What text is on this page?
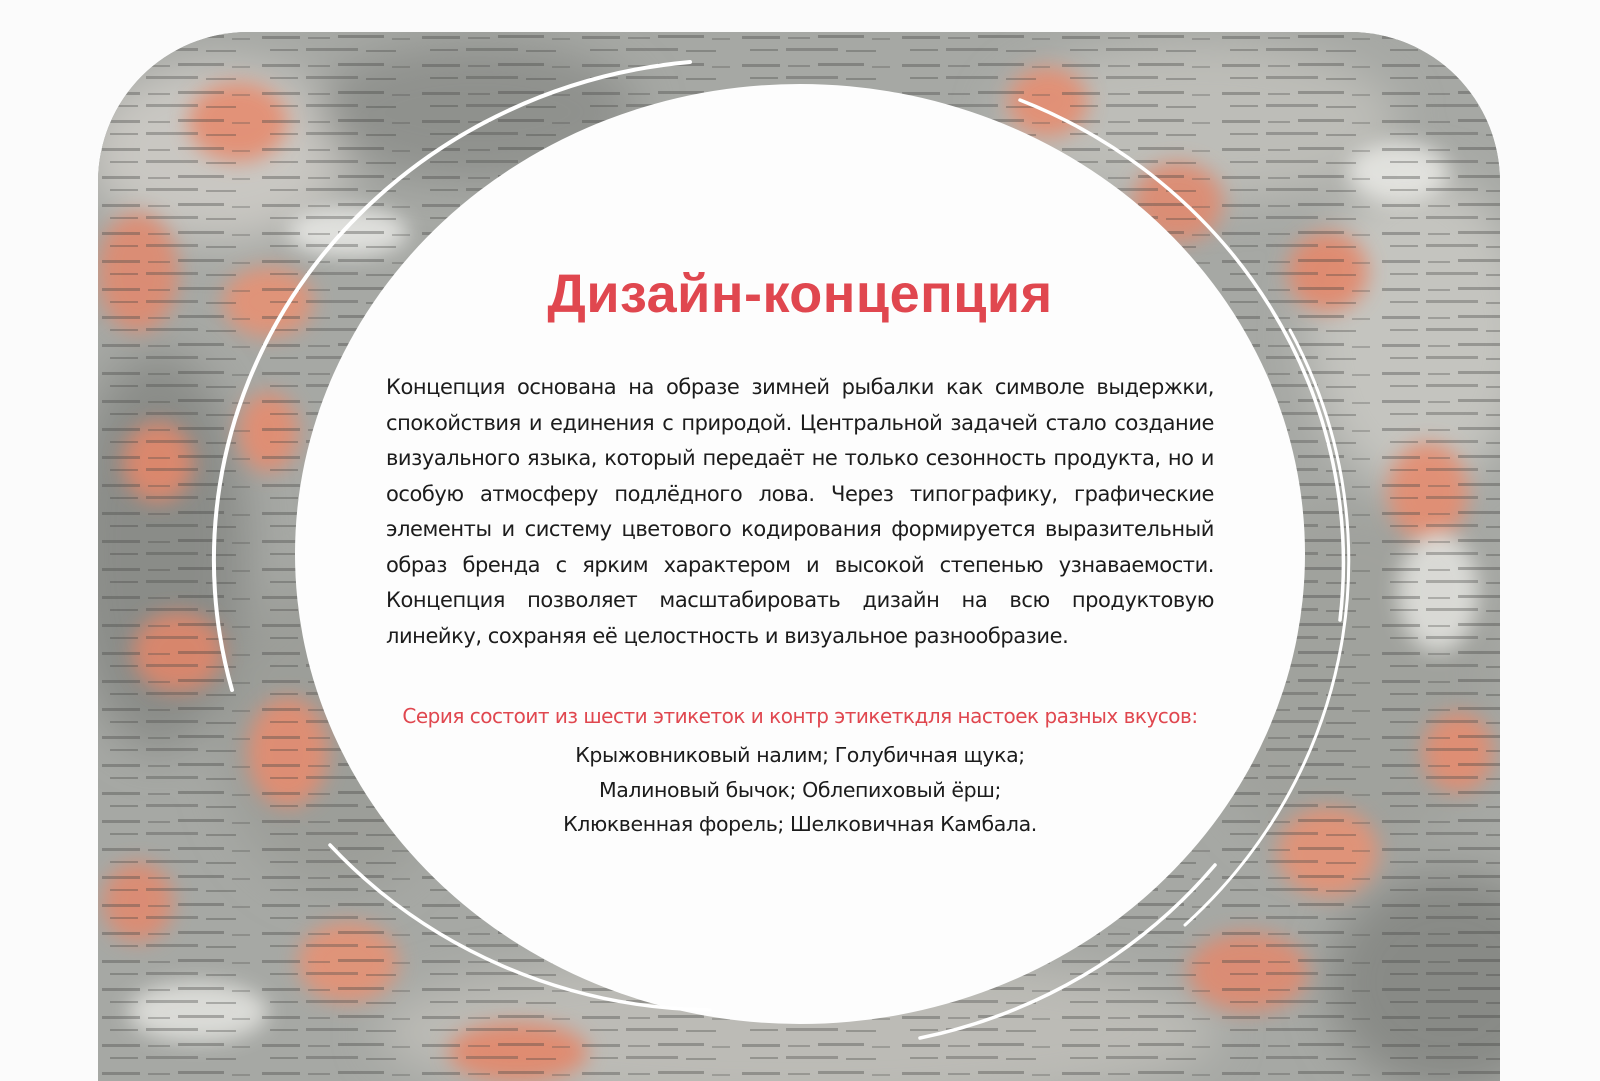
Дизайн-концепция

Концепция основана на образе зимней рыбалки как символе выдержки, спокойствия и единения с природой. Центральной задачей стало создание визуального языка, который передаёт не только сезонность продукта, но и особую атмосферу подлёдного лова. Через типографику, графические элементы и систему цветового кодирования формируется выразительный образ бренда с ярким характером и высокой степенью узнаваемости. Концепция позволяет масштабировать дизайн на всю продуктовую линейку, сохраняя её целостность и визуальное разнообразие.

Серия состоит из шести этикеток и контр этикеткдля настоек разных вкусов:

Крыжовниковый налим; Голубичная щука;
Малиновый бычок; Облепиховый ёрш;
Клюквенная форель; Шелковичная Камбала.
